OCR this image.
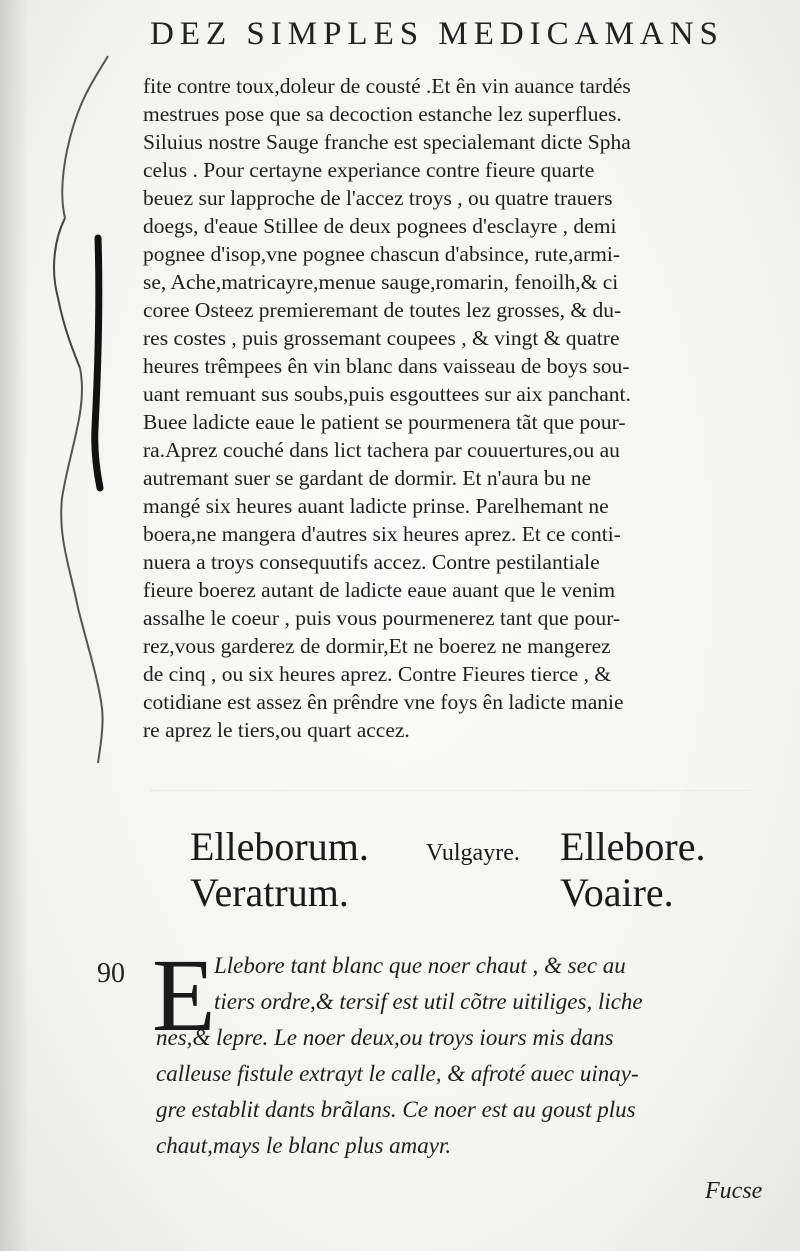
DEZ SIMPLES MEDICAMANS
fite contre toux,doleur de cousté .Et ên vin auance tardés
mestrues pose que sa decoction estanche lez superflues.
Siluius nostre Sauge franche est specialemant dicte Spha
celus . Pour certayne experiance contre fieure quarte
beuez sur lapproche de l'accez troys , ou quatre trauers
doegs, d'eaue Stillee de deux pognees d'esclayre , demi
pognee d'isop,vne pognee chascun d'absince, rute,armi-
se, Ache,matricayre,menue sauge,romarin, fenoilh,& ci
coree Osteez premieremant de toutes lez grosses, & du-
res costes , puis grossemant coupees , & vingt & quatre
heures trêmpees ên vin blanc dans vaisseau de boys sou-
uant remuant sus soubs,puis esgouttees sur aix panchant.
Buee ladicte eaue le patient se pourmenera tãt que pour-
ra.Aprez couché dans lict tachera par couuertures,ou au
autremant suer se gardant de dormir. Et n'aura bu ne
mangé six heures auant ladicte prinse. Parelhemant ne
boera,ne mangera d'autres six heures aprez. Et ce conti-
nuera a troys consequutifs accez. Contre pestilantiale
fieure boerez autant de ladicte eaue auant que le venim
assalhe le coeur , puis vous pourmenerez tant que pour-
rez,vous garderez de dormir,Et ne boerez ne mangerez
de cinq , ou six heures aprez. Contre Fieures tierce , &
cotidiane est assez ên prêndre vne foys ên ladicte manie
re aprez le tiers,ou quart accez.
Elleborum.
Veratrum.
Vulgayre. Ellebore.
Voaire.
90 E
Llebore tant blanc que noer chaut , & sec au
tiers ordre,& tersif est util cõtre uitiliges, liche
nes,& lepre. Le noer deux,ou troys iours mis dans
calleuse fistule extrayt le calle, & afroté auec uinay-
gre establit dants brãlans. Ce noer est au goust plus
chaut,mays le blanc plus amayr.
Fucse
